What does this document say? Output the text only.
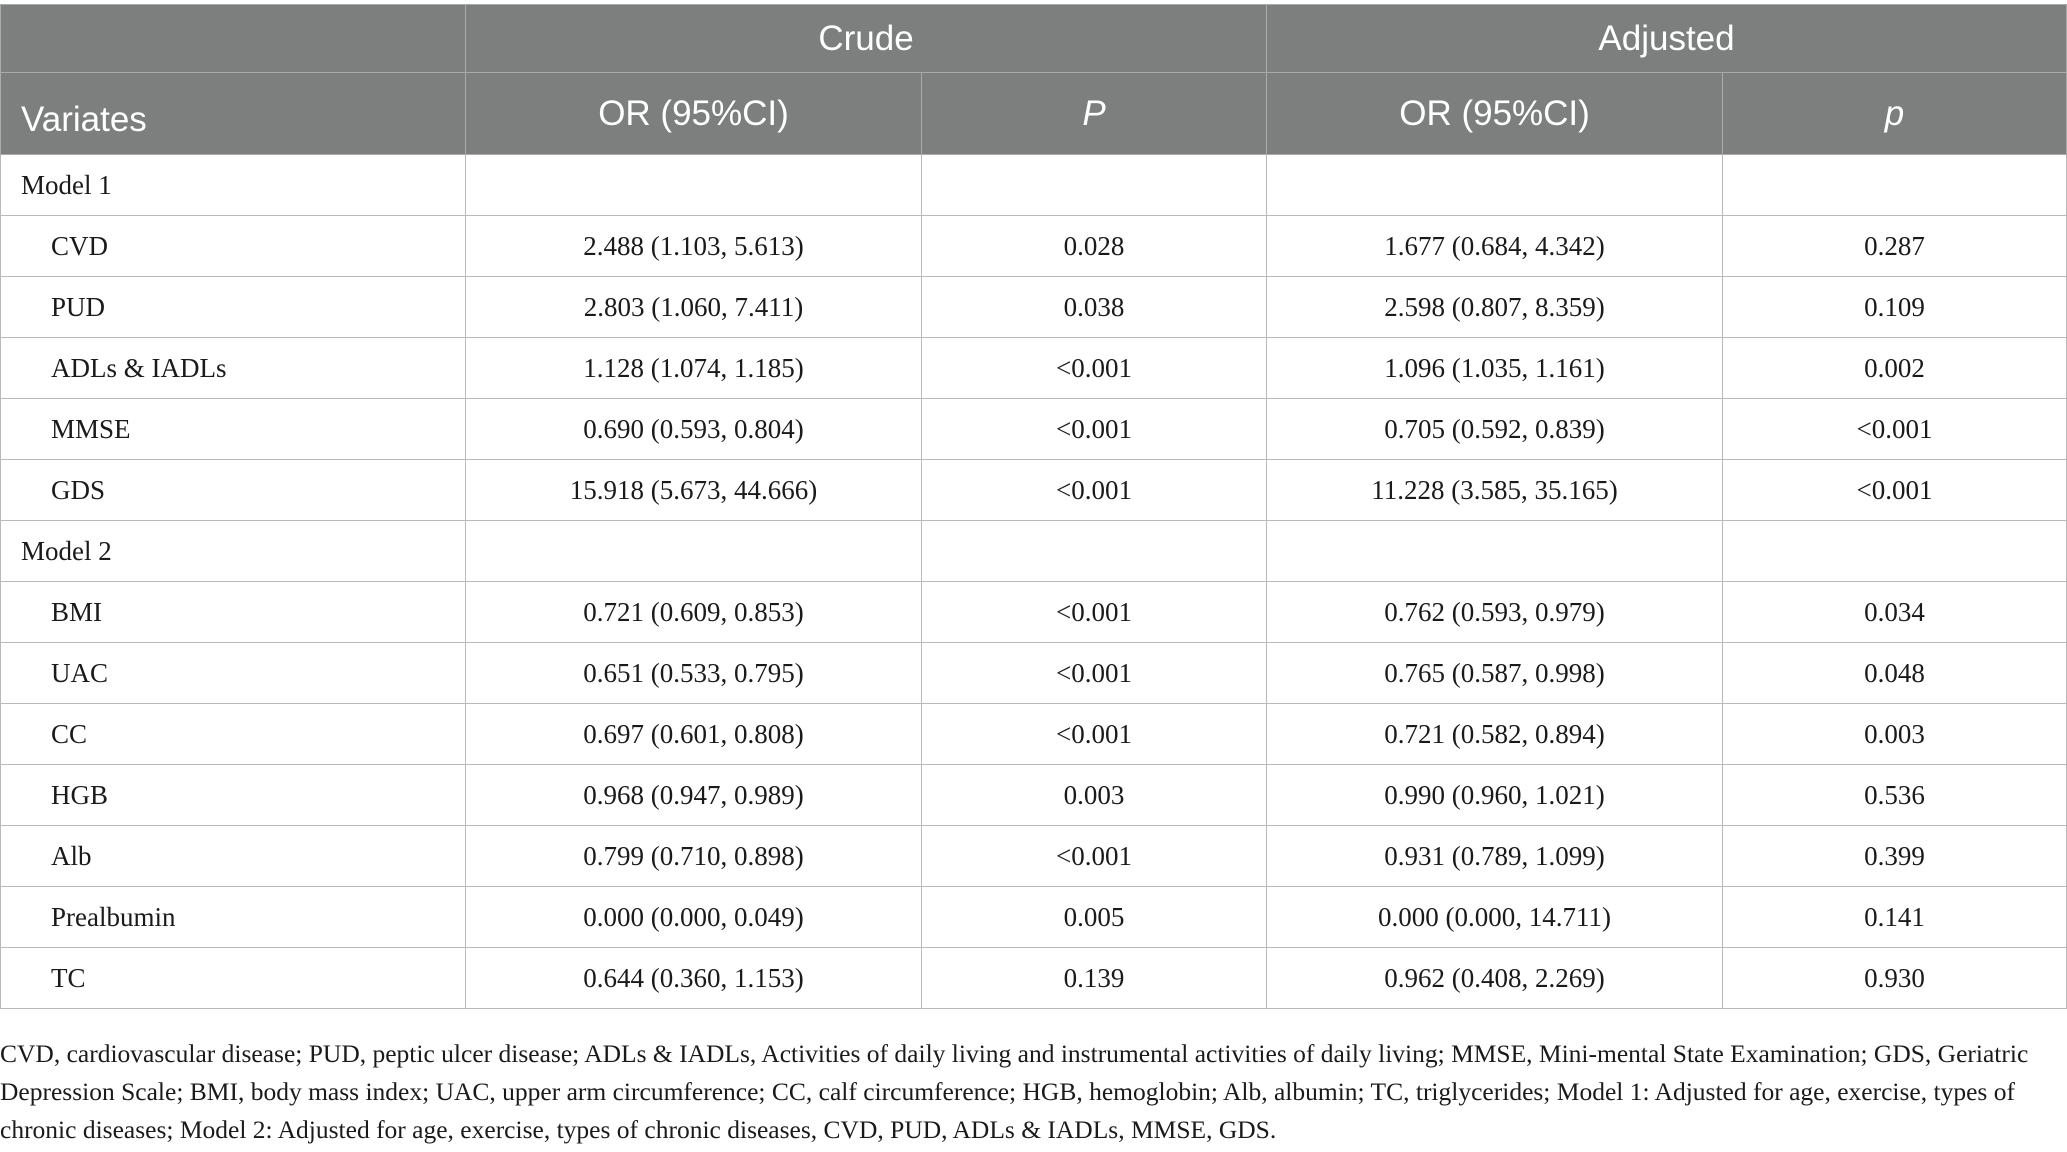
	Crude		Adjusted	
Variates	OR (95%CI)	P	OR (95%CI)	p
Model 1				
CVD	2.488 (1.103, 5.613)	0.028	1.677 (0.684, 4.342)	0.287
PUD	2.803 (1.060, 7.411)	0.038	2.598 (0.807, 8.359)	0.109
ADLs & IADLs	1.128 (1.074, 1.185)	<0.001	1.096 (1.035, 1.161)	0.002
MMSE	0.690 (0.593, 0.804)	<0.001	0.705 (0.592, 0.839)	<0.001
GDS	15.918 (5.673, 44.666)	<0.001	11.228 (3.585, 35.165)	<0.001
Model 2				
BMI	0.721 (0.609, 0.853)	<0.001	0.762 (0.593, 0.979)	0.034
UAC	0.651 (0.533, 0.795)	<0.001	0.765 (0.587, 0.998)	0.048
CC	0.697 (0.601, 0.808)	<0.001	0.721 (0.582, 0.894)	0.003
HGB	0.968 (0.947, 0.989)	0.003	0.990 (0.960, 1.021)	0.536
Alb	0.799 (0.710, 0.898)	<0.001	0.931 (0.789, 1.099)	0.399
Prealbumin	0.000 (0.000, 0.049)	0.005	0.000 (0.000, 14.711)	0.141
TC	0.644 (0.360, 1.153)	0.139	0.962 (0.408, 2.269)	0.930
CVD, cardiovascular disease; PUD, peptic ulcer disease; ADLs & IADLs, Activities of daily living and instrumental activities of daily living; MMSE, Mini-mental State Examination; GDS, Geriatric Depression Scale; BMI, body mass index; UAC, upper arm circumference; CC, calf circumference; HGB, hemoglobin; Alb, albumin; TC, triglycerides; Model 1: Adjusted for age, exercise, types of chronic diseases; Model 2: Adjusted for age, exercise, types of chronic diseases, CVD, PUD, ADLs & IADLs, MMSE, GDS.
